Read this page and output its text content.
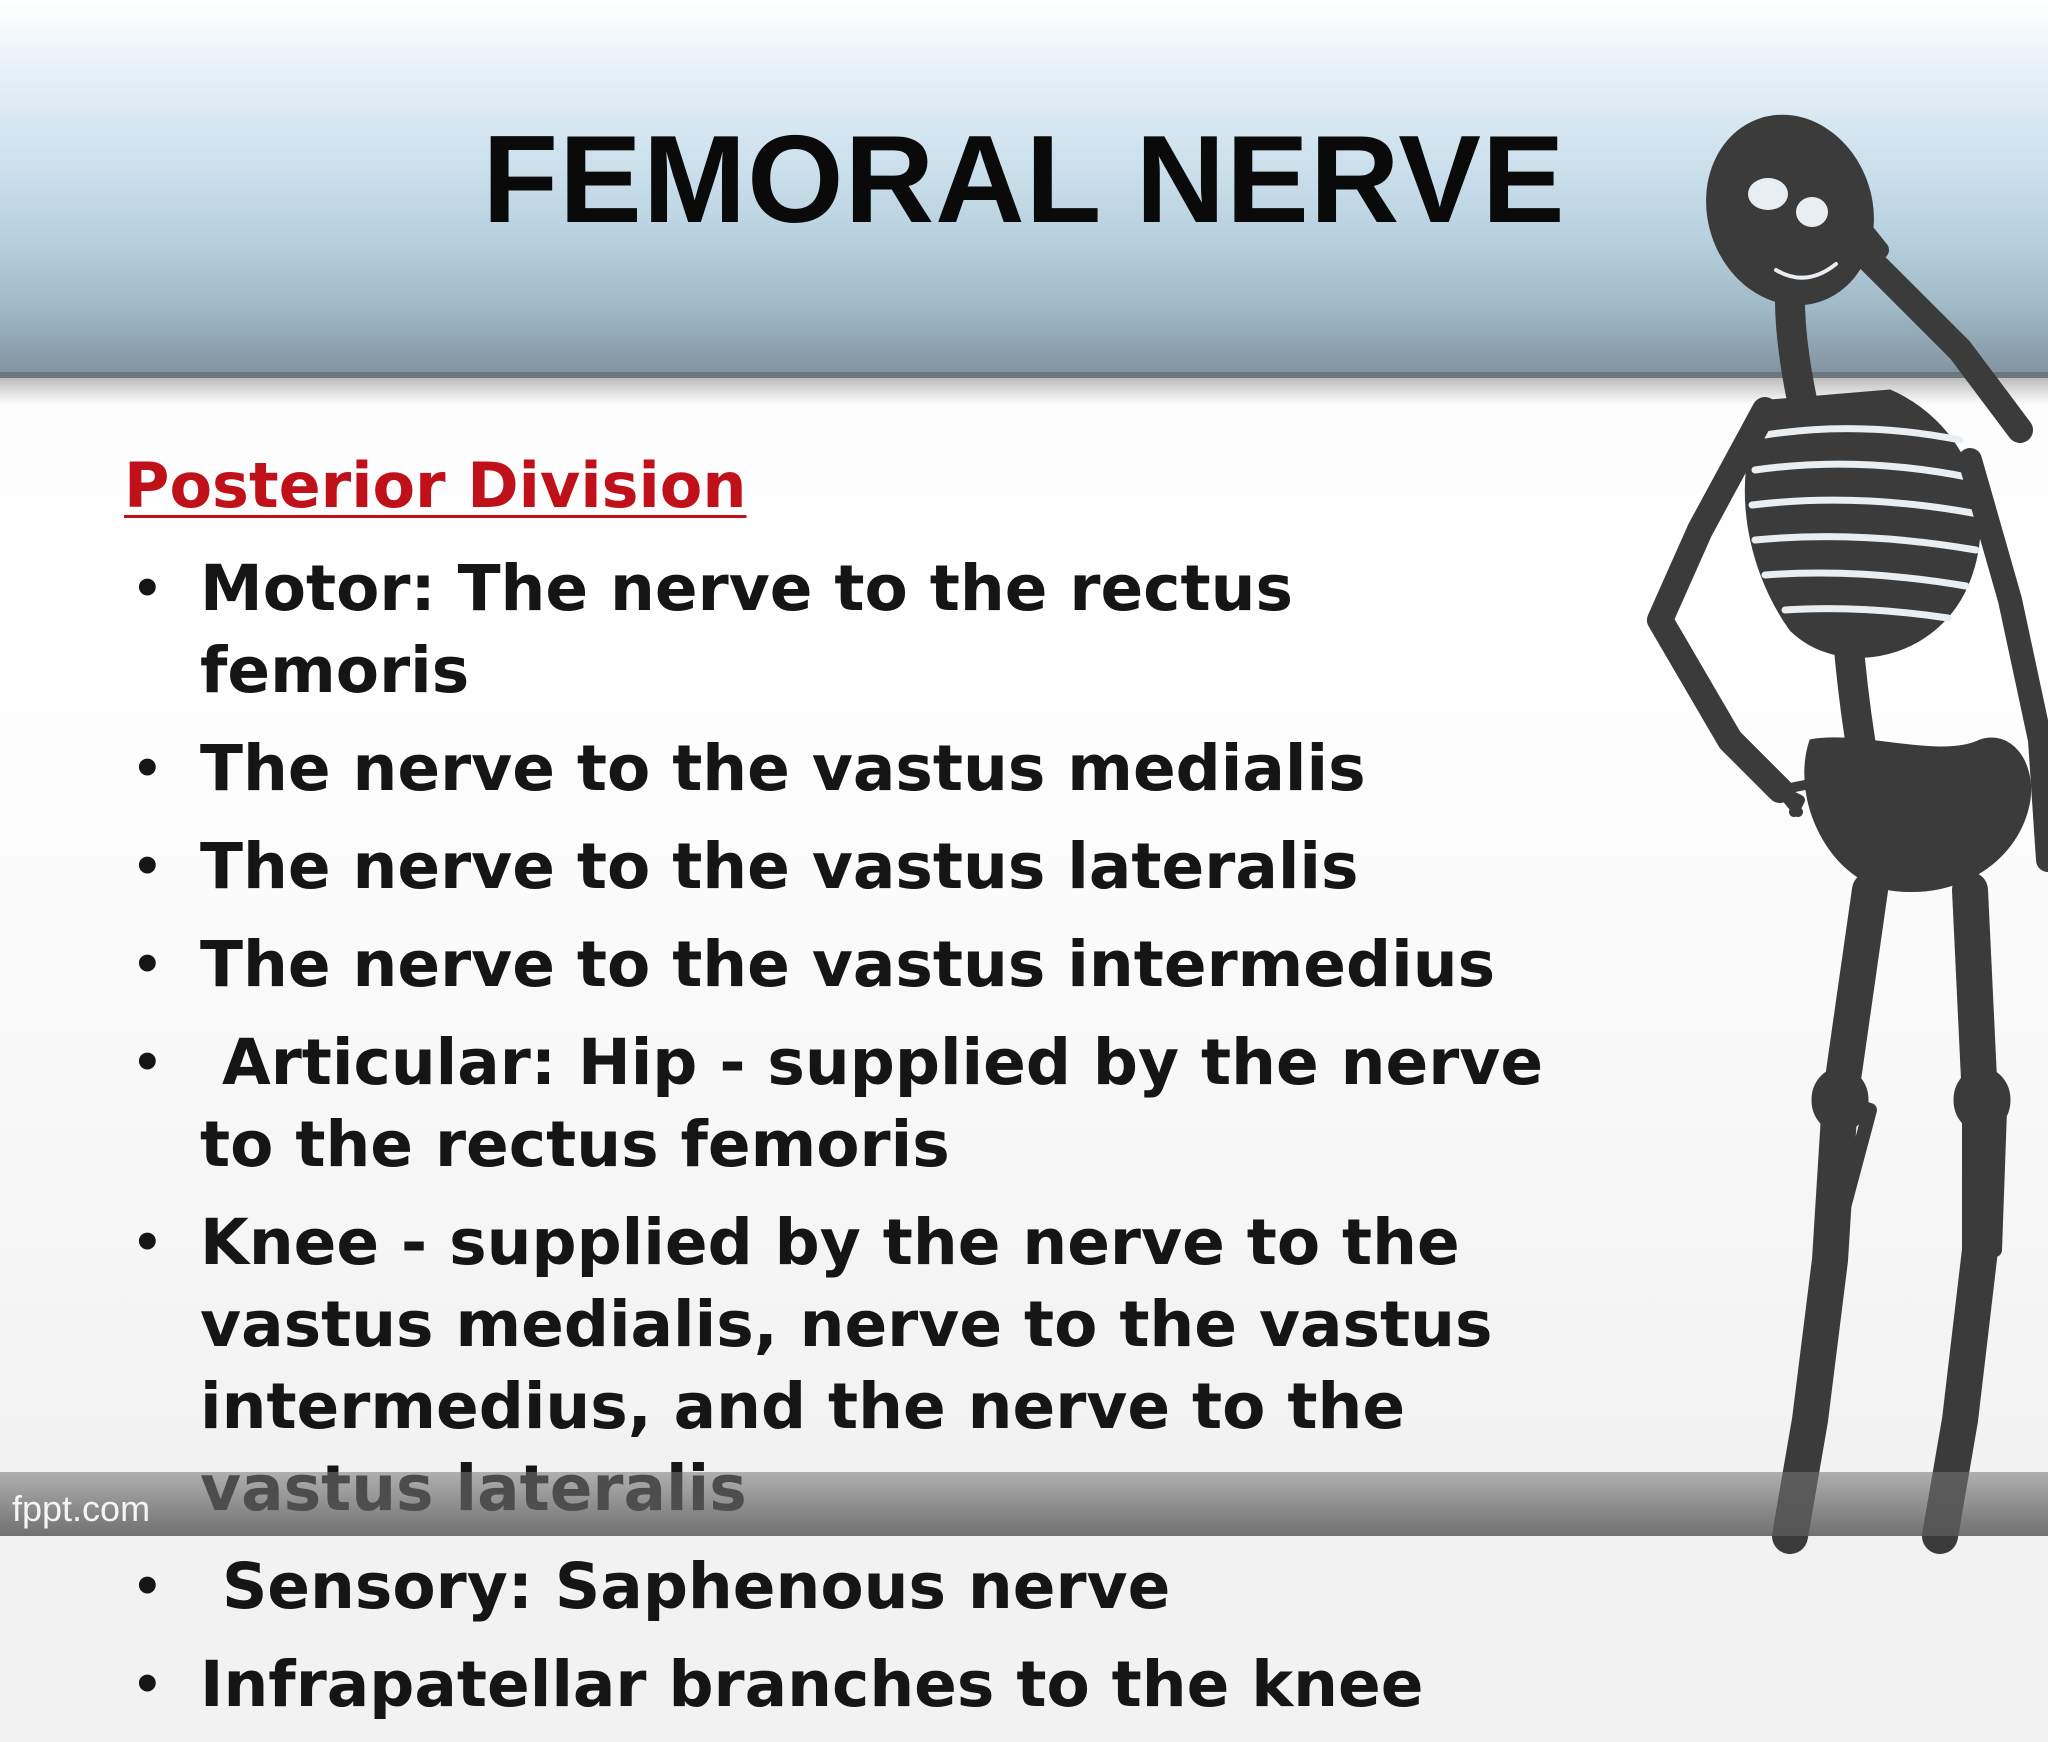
FEMORAL NERVE
Posterior Division
• Motor: The nerve to the rectus femoris
• The nerve to the vastus medialis
• The nerve to the vastus lateralis
• The nerve to the vastus intermedius
• Articular: Hip - supplied by the nerve to the rectus femoris
• Knee - supplied by the nerve to the vastus medialis, nerve to the vastus intermedius, and the nerve to the
• Sensory: Saphenous nerve
• Infrapatellar branches to the knee
fppt.com
